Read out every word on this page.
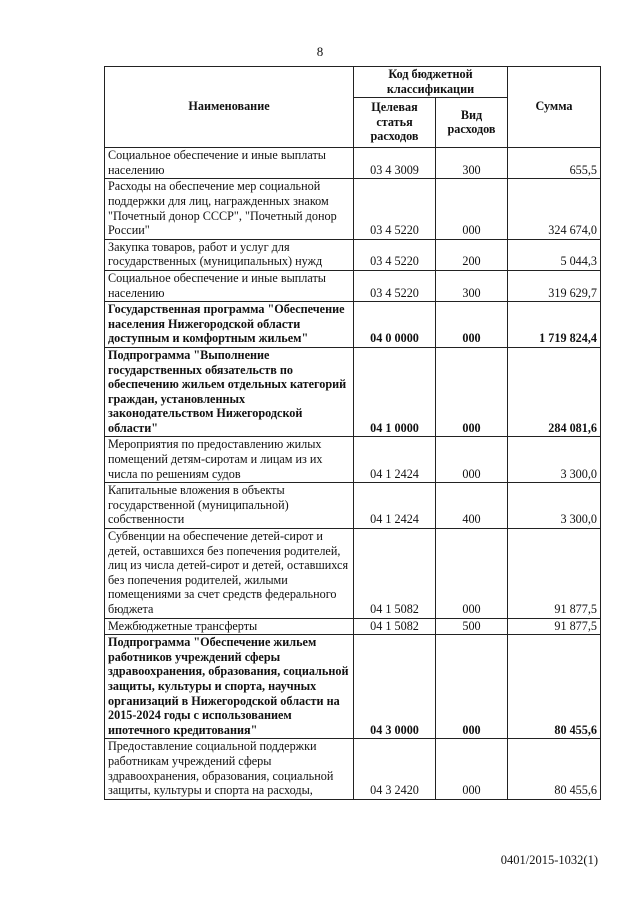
8
Наименование	Код бюджетной классификации		Сумма
	Целевая статья расходов	Вид расходов	
Социальное обеспечение и иные выплаты населению	03 4 3009	300	655,5
Расходы на обеспечение мер социальной поддержки для лиц, награжденных знаком "Почетный донор СССР", "Почетный донор России"	03 4 5220	000	324 674,0
Закупка товаров, работ и услуг для государственных (муниципальных) нужд	03 4 5220	200	5 044,3
Социальное обеспечение и иные выплаты населению	03 4 5220	300	319 629,7
Государственная программа "Обеспечение населения Нижегородской области доступным и комфортным жильем"	04 0 0000	000	1 719 824,4
Подпрограмма "Выполнение государственных обязательств по обеспечению жильем отдельных категорий граждан, установленных законодательством Нижегородской области"	04 1 0000	000	284 081,6
Мероприятия по предоставлению жилых помещений детям-сиротам и лицам из их числа по решениям судов	04 1 2424	000	3 300,0
Капитальные вложения в объекты государственной (муниципальной) собственности	04 1 2424	400	3 300,0
Субвенции на обеспечение детей-сирот и детей, оставшихся без попечения родителей, лиц из числа детей-сирот и детей, оставшихся без попечения родителей, жилыми помещениями за счет средств федерального бюджета	04 1 5082	000	91 877,5
Межбюджетные трансферты	04 1 5082	500	91 877,5
Подпрограмма "Обеспечение жильем работников учреждений сферы здравоохранения, образования, социальной защиты, культуры и спорта, научных организаций в Нижегородской области на 2015-2024 годы с использованием ипотечного кредитования"	04 3 0000	000	80 455,6
Предоставление социальной поддержки работникам учреждений сферы здравоохранения, образования, социальной защиты, культуры и спорта на расходы,	04 3 2420	000	80 455,6
0401/2015-1032(1)
